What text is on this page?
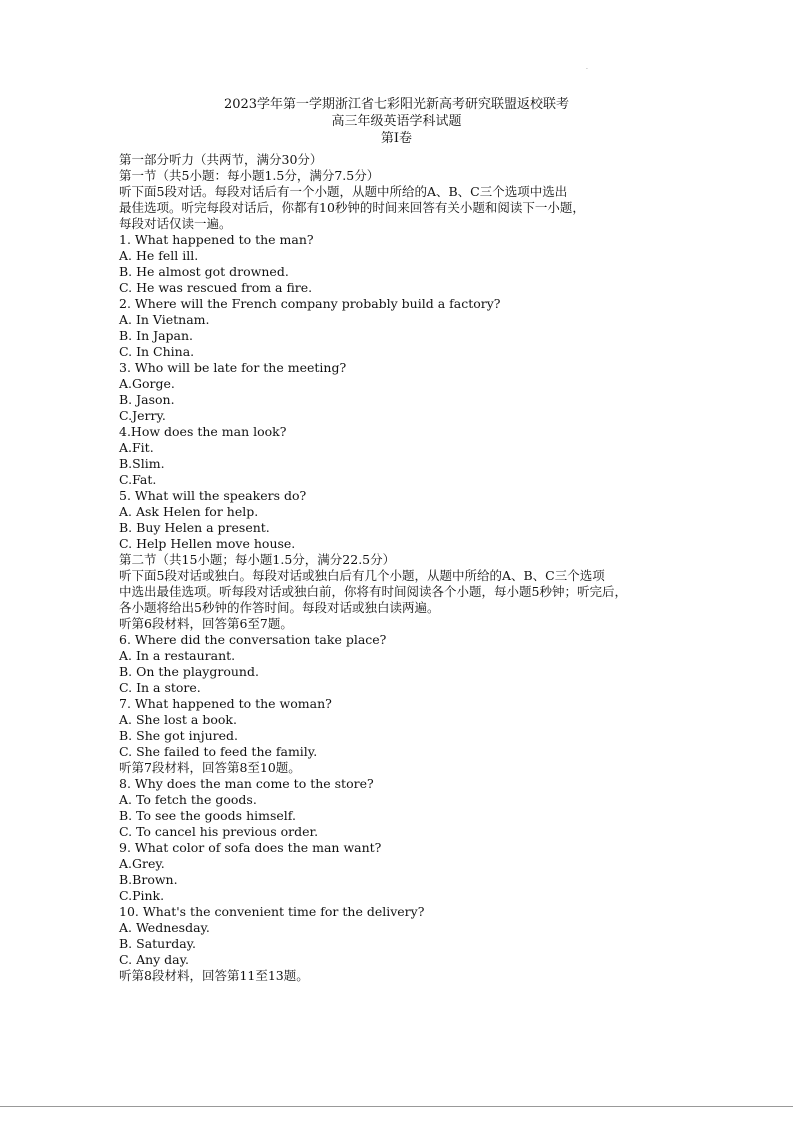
.
2023学年第一学期浙江省七彩阳光新高考研究联盟返校联考
高三年级英语学科试题
第I卷
第一部分听力（共两节，满分30分）
第一节（共5小题：每小题1.5分，满分7.5分）
听下面5段对话。每段对话后有一个小题，从题中所给的A、B、C三个选项中选出
最佳选项。听完每段对话后，你都有10秒钟的时间来回答有关小题和阅读下一小题，
每段对话仅读一遍。
1. What happened to the man?
A. He fell ill.
B. He almost got drowned.
C. He was rescued from a fire.
2. Where will the French company probably build a factory?
A. In Vietnam.
B. In Japan.
C. In China.
3. Who will be late for the meeting?
A.Gorge.
B. Jason.
C.Jerry.
4.How does the man look?
A.Fit.
B.Slim.
C.Fat.
5. What will the speakers do?
A. Ask Helen for help.
B. Buy Helen a present.
C. Help Hellen move house.
第二节（共15小题；每小题1.5分，满分22.5分）
听下面5段对话或独白。每段对话或独白后有几个小题，从题中所给的A、B、C三个选项
中选出最佳选项。听每段对话或独白前，你将有时间阅读各个小题，每小题5秒钟；听完后，
各小题将给出5秒钟的作答时间。每段对话或独白读两遍。
听第6段材料，回答第6至7题。
6. Where did the conversation take place?
A. In a restaurant.
B. On the playground.
C. In a store.
7. What happened to the woman?
A. She lost a book.
B. She got injured.
C. She failed to feed the family.
听第7段材料，回答第8至10题。
8. Why does the man come to the store?
A. To fetch the goods.
B. To see the goods himself.
C. To cancel his previous order.
9. What color of sofa does the man want?
A.Grey.
B.Brown.
C.Pink.
10. What's the convenient time for the delivery?
A. Wednesday.
B. Saturday.
C. Any day.
听第8段材料，回答第11至13题。
